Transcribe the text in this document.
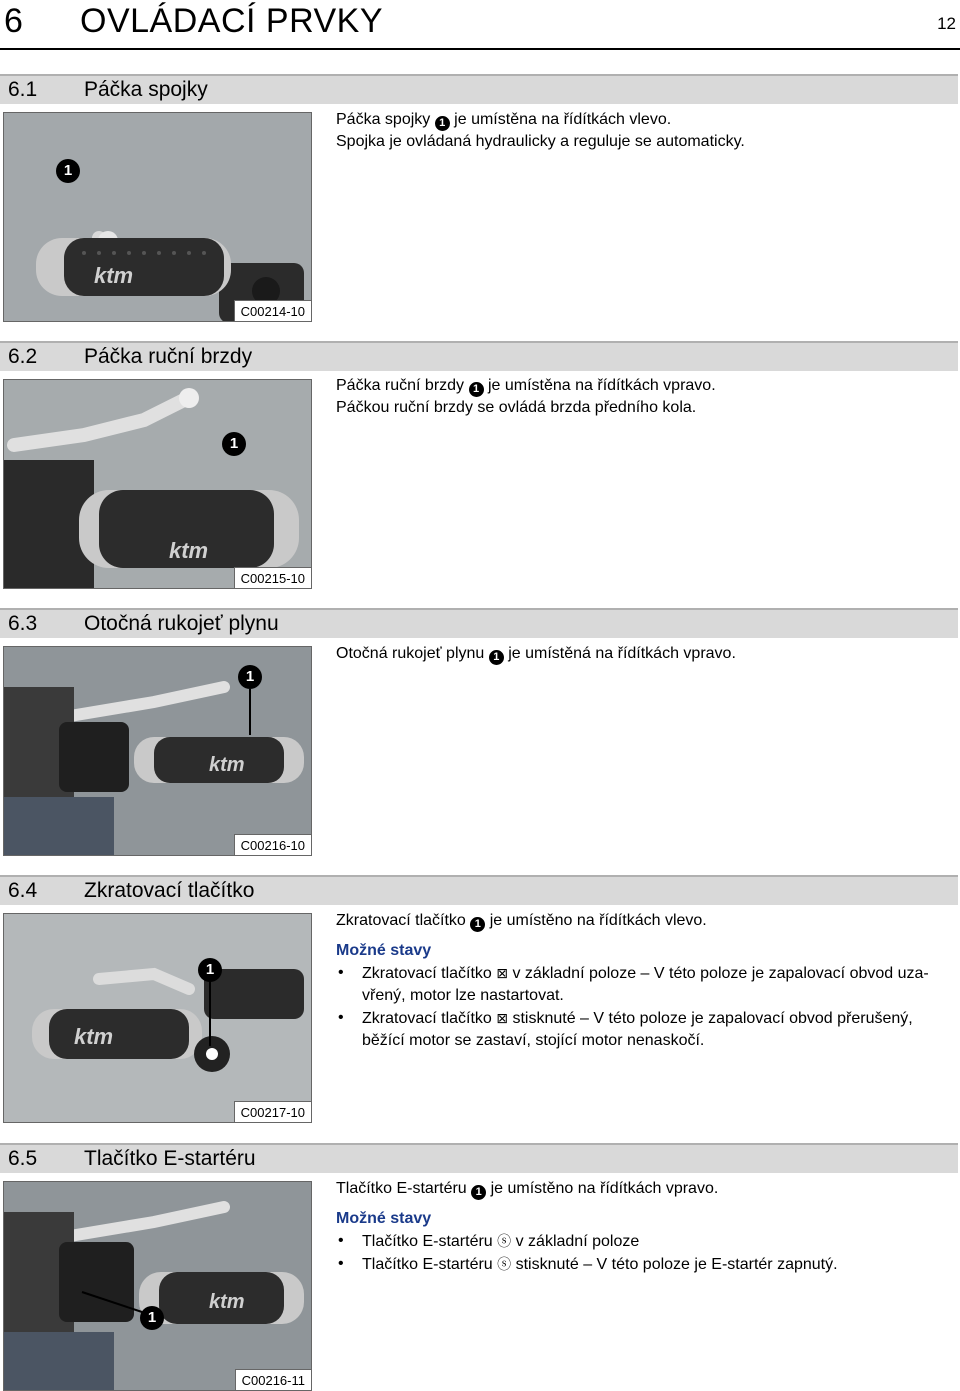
6 OVLÁDACÍ PRVKY	12
6.1 Páčka spojky
ktm
1
C00214-10

Páčka spojky 1 je umístěna na řídítkách vlevo.

Spojka je ovládaná hydraulicky a reguluje se automaticky.

6.2 Páčka ruční brzdy
ktm
1
C00215-10

Páčka ruční brzdy 1 je umístěna na řídítkách vpravo.

Páčkou ruční brzdy se ovládá brzda předního kola.

6.3 Otočná rukojeť plynu
ktm
1
C00216-10

Otočná rukojeť plynu 1 je umístěná na řídítkách vpravo.

6.4 Zkratovací tlačítko
ktm
1
C00217-10

Zkratovací tlačítko 1 je umístěno na řídítkách vlevo.

Možné stavy

• Zkratovací tlačítko ⊠ v základní poloze – V této poloze je zapalovací obvod uza-
vřený, motor lze nastartovat.
• Zkratovací tlačítko ⊠ stisknuté – V této poloze je zapalovací obvod přerušený,
běžící motor se zastaví, stojící motor nenaskočí.
6.5 Tlačítko E-startéru
ktm
1
C00216-11

Tlačítko E-startéru 1 je umístěno na řídítkách vpravo.

Možné stavy

• Tlačítko E-startéru ⓢ v základní poloze
• Tlačítko E-startéru ⓢ stisknuté – V této poloze je E-startér zapnutý.
